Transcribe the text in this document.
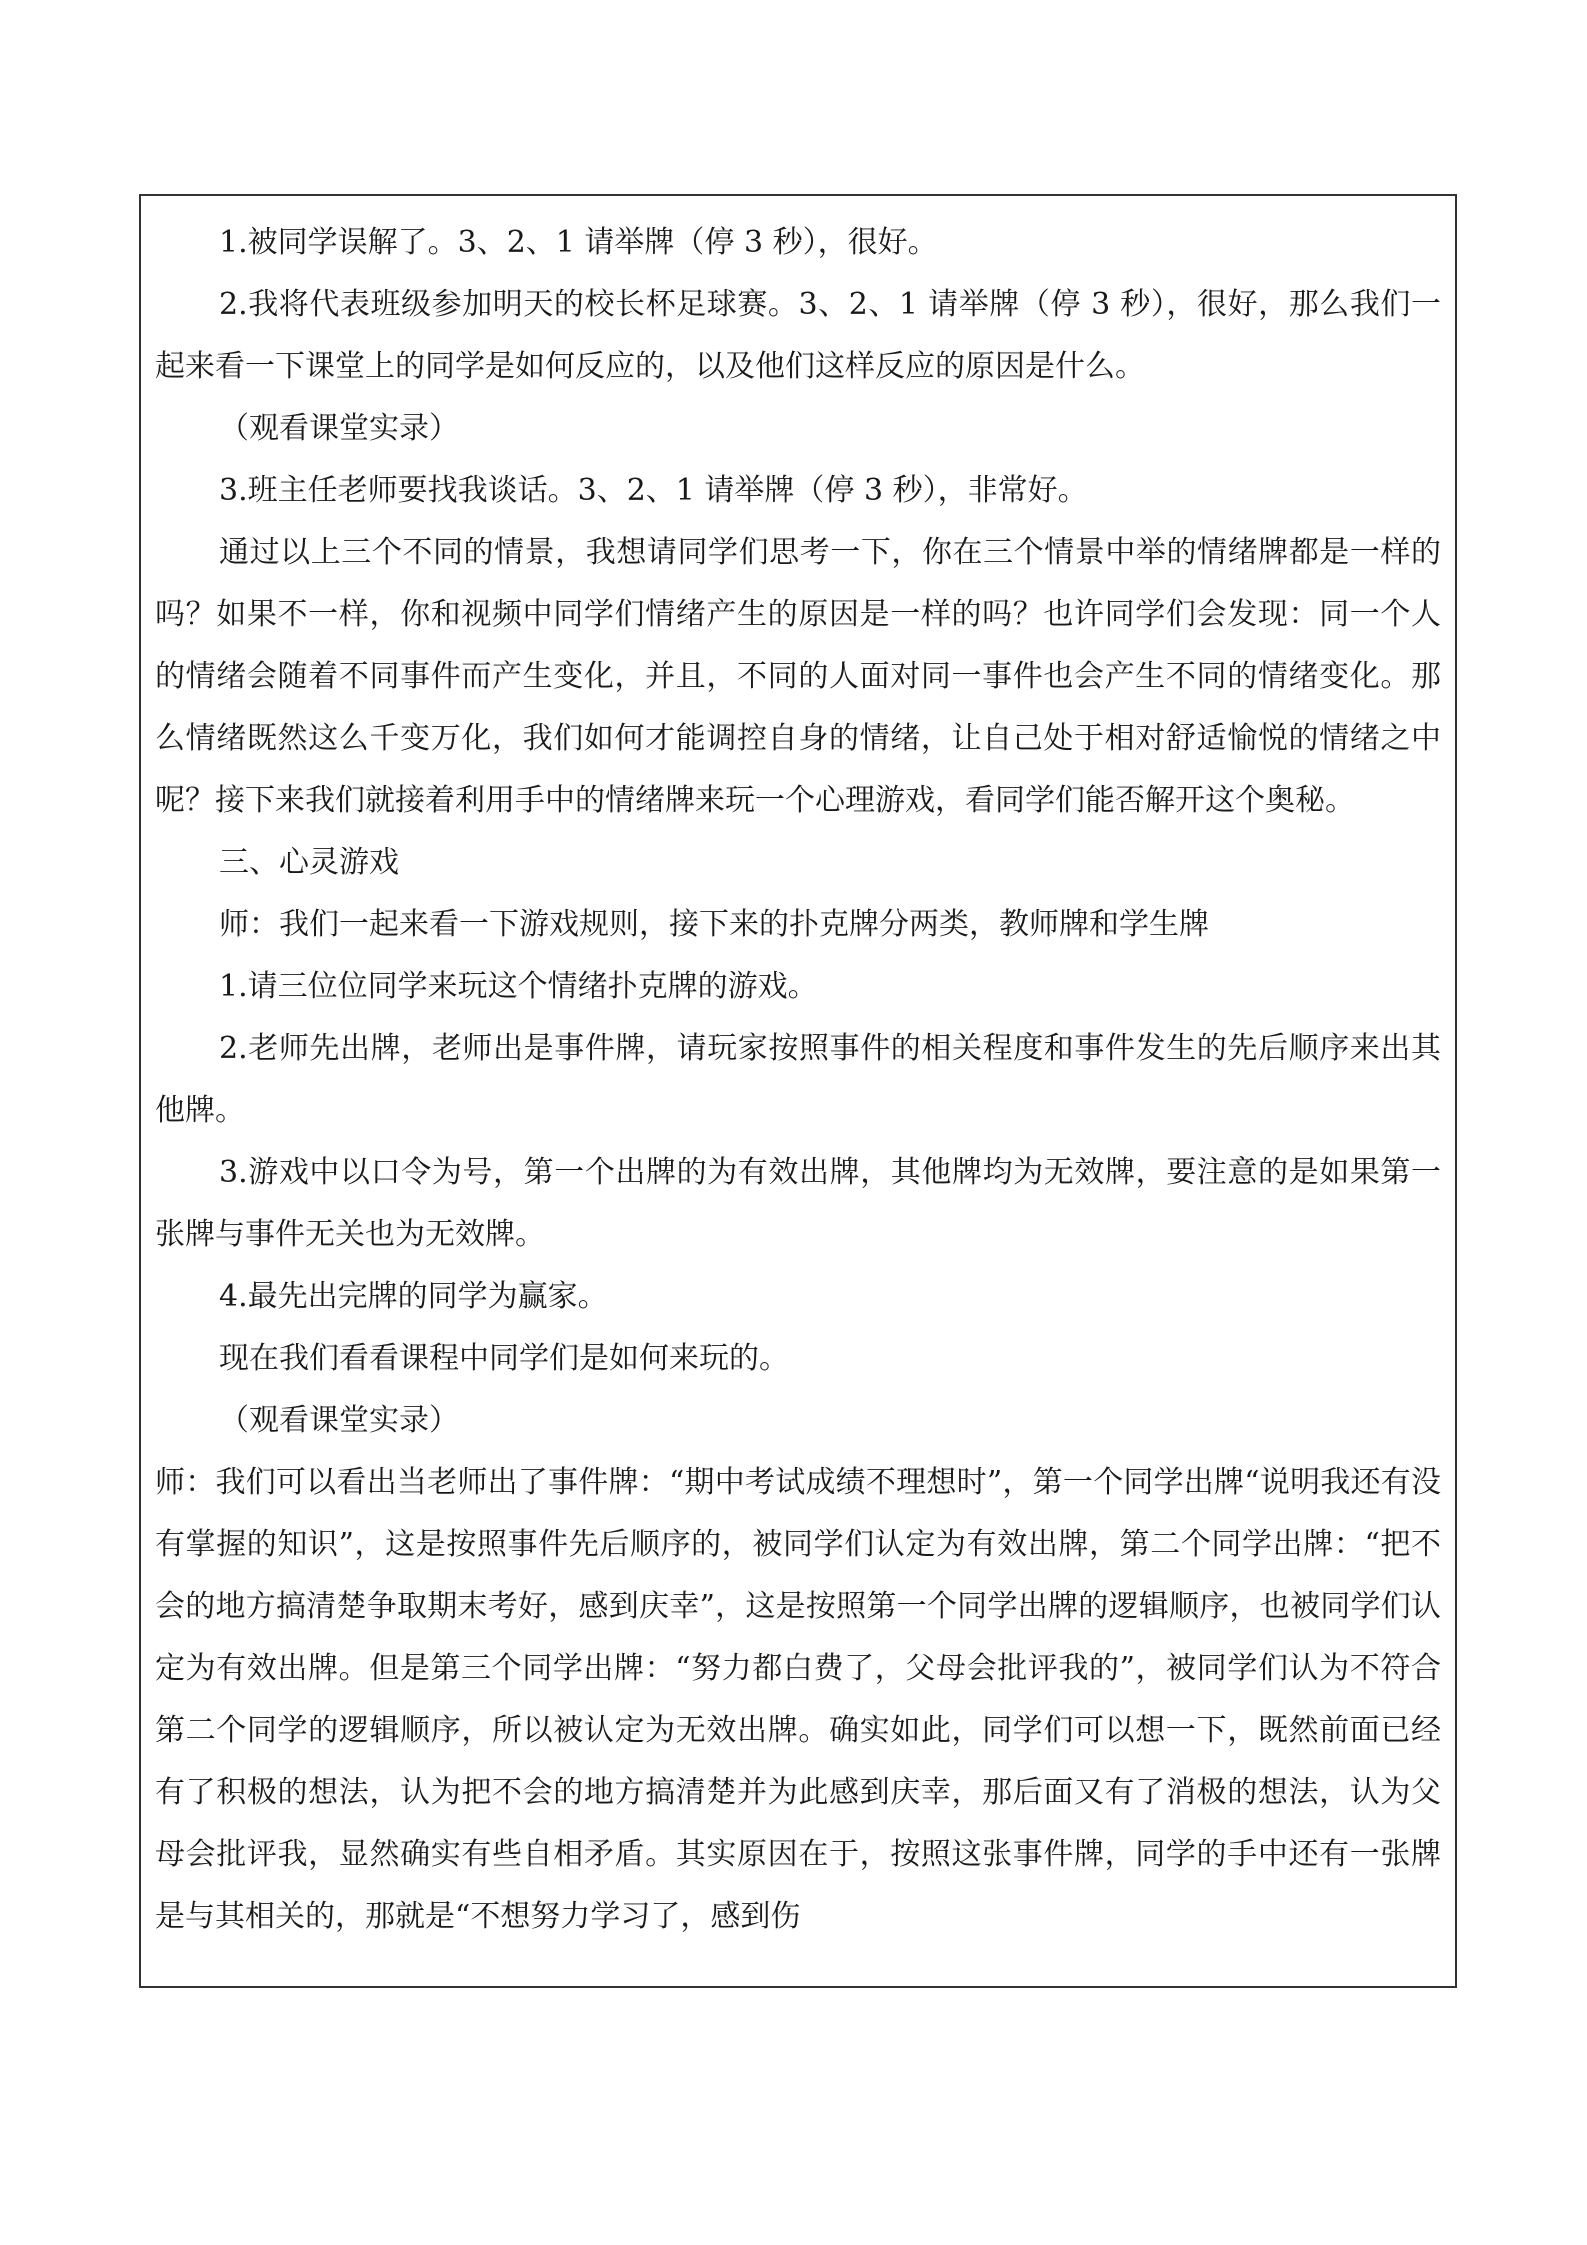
1.被同学误解了。3、2、1 请举牌（停 3 秒），很好。

2.我将代表班级参加明天的校长杯足球赛。3、2、1 请举牌（停 3 秒），很好，那么我们一起来看一下课堂上的同学是如何反应的，以及他们这样反应的原因是什么。

（观看课堂实录）

3.班主任老师要找我谈话。3、2、1 请举牌（停 3 秒），非常好。

通过以上三个不同的情景，我想请同学们思考一下，你在三个情景中举的情绪牌都是一样的吗？如果不一样，你和视频中同学们情绪产生的原因是一样的吗？也许同学们会发现：同一个人的情绪会随着不同事件而产生变化，并且，不同的人面对同一事件也会产生不同的情绪变化。那么情绪既然这么千变万化，我们如何才能调控自身的情绪，让自己处于相对舒适愉悦的情绪之中呢？接下来我们就接着利用手中的情绪牌来玩一个心理游戏，看同学们能否解开这个奥秘。

三、心灵游戏

师：我们一起来看一下游戏规则，接下来的扑克牌分两类，教师牌和学生牌

1.请三位位同学来玩这个情绪扑克牌的游戏。

2.老师先出牌，老师出是事件牌，请玩家按照事件的相关程度和事件发生的先后顺序来出其他牌。

3.游戏中以口令为号，第一个出牌的为有效出牌，其他牌均为无效牌，要注意的是如果第一张牌与事件无关也为无效牌。

4.最先出完牌的同学为赢家。

现在我们看看课程中同学们是如何来玩的。

（观看课堂实录）

师：我们可以看出当老师出了事件牌：“期中考试成绩不理想时”，第一个同学出牌“说明我还有没有掌握的知识”，这是按照事件先后顺序的，被同学们认定为有效出牌，第二个同学出牌：“把不会的地方搞清楚争取期末考好，感到庆幸”，这是按照第一个同学出牌的逻辑顺序，也被同学们认定为有效出牌。但是第三个同学出牌：“努力都白费了，父母会批评我的”，被同学们认为不符合第二个同学的逻辑顺序，所以被认定为无效出牌。确实如此，同学们可以想一下，既然前面已经有了积极的想法，认为把不会的地方搞清楚并为此感到庆幸，那后面又有了消极的想法，认为父母会批评我，显然确实有些自相矛盾。其实原因在于，按照这张事件牌，同学的手中还有一张牌是与其相关的，那就是“不想努力学习了，感到伤
